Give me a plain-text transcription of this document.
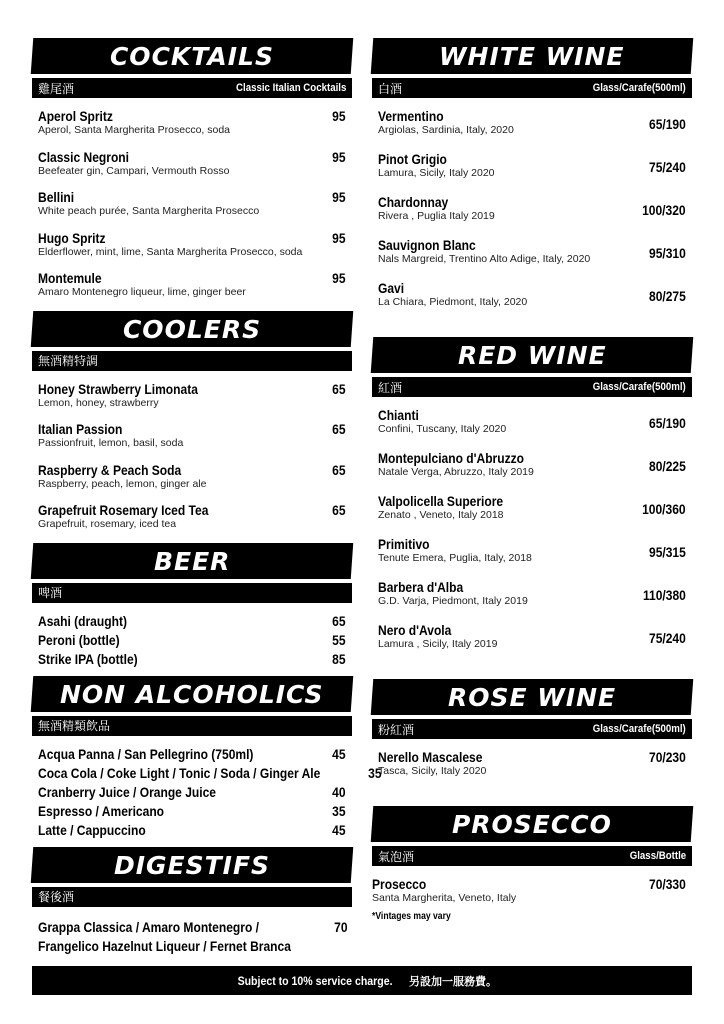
COCKTAILS
雞尾酒	Classic Italian Cocktails
Aperol Spritz
Aperol, Santa Margherita Prosecco, soda
95
Classic Negroni
Beefeater gin, Campari, Vermouth Rosso
95
Bellini
White peach purée, Santa Margherita Prosecco
95
Hugo Spritz
Elderflower, mint, lime, Santa Margherita Prosecco, soda
95
Montemule
Amaro Montenegro liqueur, lime, ginger beer
95
COOLERS
無酒精特調
Honey Strawberry Limonata
Lemon, honey, strawberry
65
Italian Passion
Passionfruit, lemon, basil, soda
65
Raspberry & Peach Soda
Raspberry, peach, lemon, ginger ale
65
Grapefruit Rosemary Iced Tea
Grapefruit, rosemary, iced tea
65
BEER
啤酒
Asahi (draught)	65
Peroni (bottle)	55
Strike IPA (bottle)	85
NON ALCOHOLICS
無酒精類飲品
Acqua Panna / San Pellegrino (750ml)	45
Coca Cola / Coke Light / Tonic / Soda / Ginger Ale	35
Cranberry Juice / Orange Juice	40
Espresso / Americano	35
Latte / Cappuccino	45
DIGESTIFS
餐後酒
Grappa Classica / Amaro Montenegro /
Frangelico Hazelnut Liqueur / Fernet Branca
70
WHITE WINE
白酒	Glass/Carafe(500ml)
Vermentino
Argiolas, Sardinia, Italy, 2020	65/190
Pinot Grigio
Lamura, Sicily, Italy 2020	75/240
Chardonnay
Rivera , Puglia Italy 2019	100/320
Sauvignon Blanc
Nals Margreid, Trentino Alto Adige, Italy, 2020	95/310
Gavi
La Chiara, Piedmont, Italy, 2020	80/275
RED WINE
紅酒	Glass/Carafe(500ml)
Chianti
Confini, Tuscany, Italy 2020	65/190
Montepulciano d'Abruzzo
Natale Verga, Abruzzo, Italy 2019	80/225
Valpolicella Superiore
Zenato , Veneto, Italy 2018	100/360
Primitivo
Tenute Emera, Puglia, Italy, 2018	95/315
Barbera d'Alba
G.D. Varja, Piedmont, Italy 2019	110/380
Nero d'Avola
Lamura , Sicily, Italy 2019	75/240
ROSE WINE
粉紅酒	Glass/Carafe(500ml)
Nerello Mascalese
Tasca, Sicily, Italy 2020
70/230
PROSECCO
氣泡酒	Glass/Bottle
Prosecco
Santa Margherita, Veneto, Italy
70/330
*Vintages may vary
Subject to 10% service charge. 另設加一服務費。
